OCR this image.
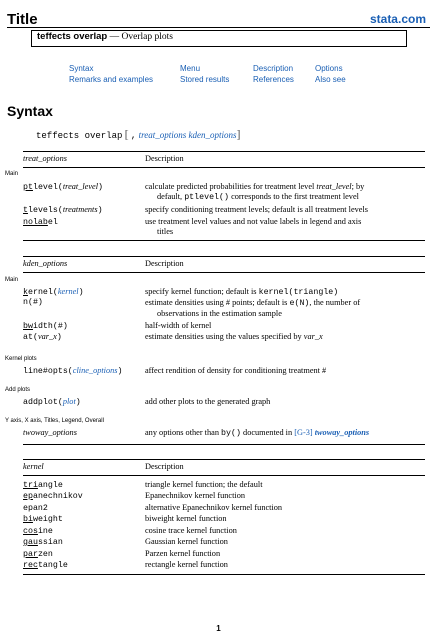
Title	stata.com
teffects overlap — Overlap plots
Syntax	Menu	Description	Options
Remarks and examples	Stored results	References	Also see
Syntax
teffects overlap [ , treat_options kden_options]
treat_options	Description
Main
ptlevel(treat_level)	calculate predicted probabilities for treatment level treat_level; by
default, ptlevel() corresponds to the first treatment level
tlevels(treatments)	specify conditioning treatment levels; default is all treatment levels
nolabel	use treatment level values and not value labels in legend and axis
titles
kden_options	Description
Main
kernel(kernel)	specify kernel function; default is kernel(triangle)
n(#)	estimate densities using # points; default is e(N), the number of
observations in the estimation sample
bwidth(#)	half-width of kernel
at(var_x)	estimate densities using the values specified by var_x
Kernel plots
line#opts(cline_options)	affect rendition of density for conditioning treatment #
Add plots
addplot(plot)	add other plots to the generated graph
Y axis, X axis, Titles, Legend, Overall
twoway_options	any options other than by() documented in [G-3] twoway_options
kernel	Description
triangle	triangle kernel function; the default
epanechnikov	Epanechnikov kernel function
epan2	alternative Epanechnikov kernel function
biweight	biweight kernel function
cosine	cosine trace kernel function
gaussian	Gaussian kernel function
parzen	Parzen kernel function
rectangle	rectangle kernel function
1
